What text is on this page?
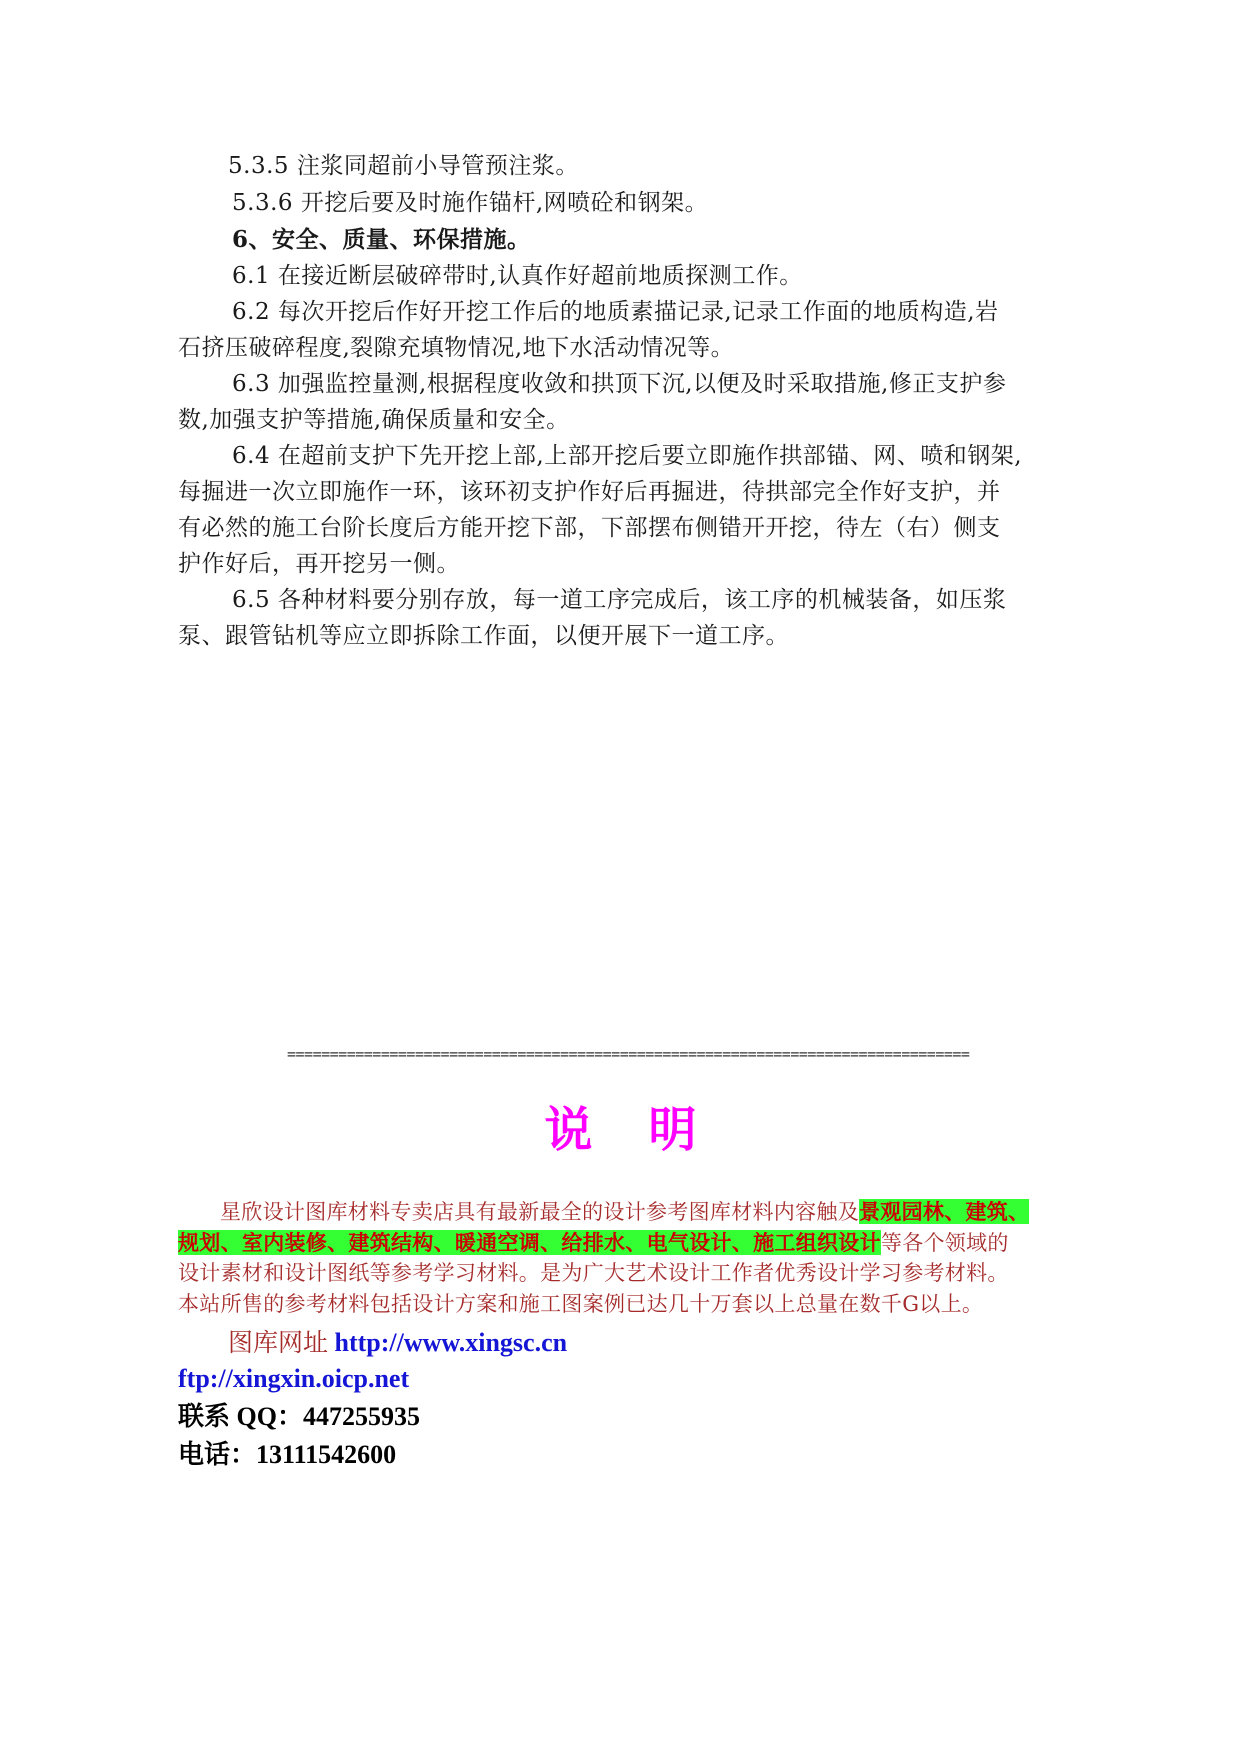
5.3.5 注浆同超前小导管预注浆。
5.3.6 开挖后要及时施作锚杆,网喷砼和钢架。
6、安全、质量、环保措施。
6.1 在接近断层破碎带时,认真作好超前地质探测工作。
6.2 每次开挖后作好开挖工作后的地质素描记录,记录工作面的地质构造,岩
石挤压破碎程度,裂隙充填物情况,地下水活动情况等。
6.3 加强监控量测,根据程度收敛和拱顶下沉,以便及时采取措施,修正支护参
数,加强支护等措施,确保质量和安全。
6.4 在超前支护下先开挖上部,上部开挖后要立即施作拱部锚、网、喷和钢架,
每掘进一次立即施作一环，该环初支护作好后再掘进，待拱部完全作好支护，并
有必然的施工台阶长度后方能开挖下部，下部摆布侧错开开挖，待左（右）侧支
护作好后，再开挖另一侧。
6.5 各种材料要分别存放，每一道工序完成后，该工序的机械装备，如压浆
泵、跟管钻机等应立即拆除工作面，以便开展下一道工序。
================================================================================
说明
星欣设计图库材料专卖店具有最新最全的设计参考图库材料内容触及景观园林、建筑、
规划、室内装修、建筑结构、暖通空调、给排水、电气设计、施工组织设计等各个领域的
设计素材和设计图纸等参考学习材料。是为广大艺术设计工作者优秀设计学习参考材料。
本站所售的参考材料包括设计方案和施工图案例已达几十万套以上总量在数千G以上。
图库网址 http://www.xingsc.cn
ftp://xingxin.oicp.net
联系 QQ：447255935
电话：13111542600
